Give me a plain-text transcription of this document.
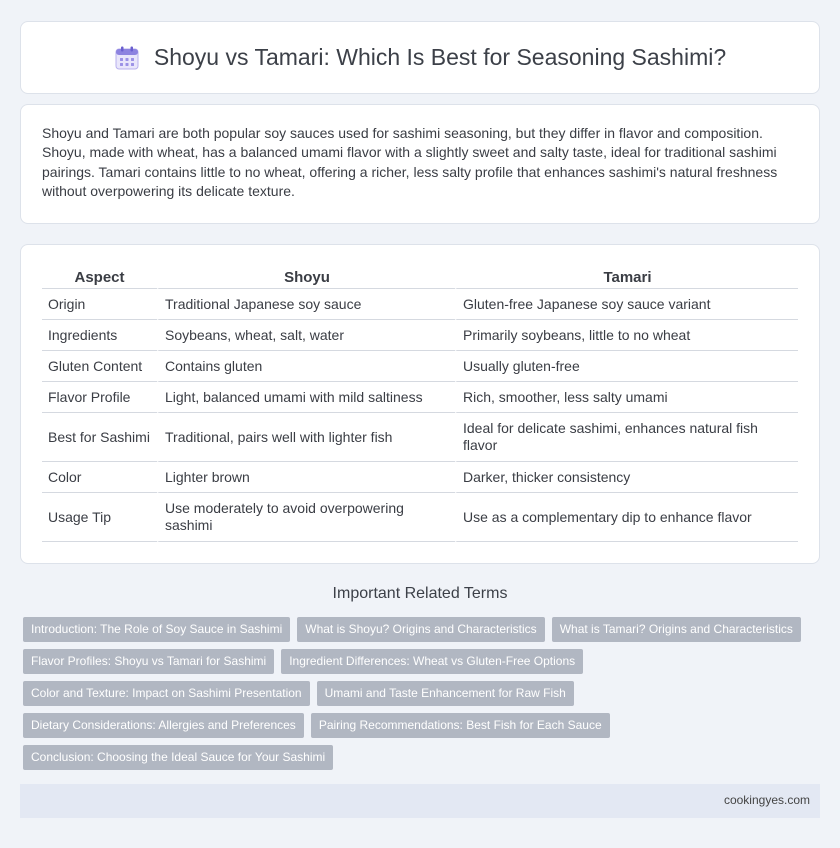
Shoyu vs Tamari: Which Is Best for Seasoning Sashimi?

Shoyu and Tamari are both popular soy sauces used for sashimi seasoning, but they differ in flavor and composition. Shoyu, made with wheat, has a balanced umami flavor with a slightly sweet and salty taste, ideal for traditional sashimi pairings. Tamari contains little to no wheat, offering a richer, less salty profile that enhances sashimi's natural freshness without overpowering its delicate texture.

Aspect	Shoyu	Tamari
Origin	Traditional Japanese soy sauce	Gluten-free Japanese soy sauce variant
Ingredients	Soybeans, wheat, salt, water	Primarily soybeans, little to no wheat
Gluten Content	Contains gluten	Usually gluten-free
Flavor Profile	Light, balanced umami with mild saltiness	Rich, smoother, less salty umami
Best for Sashimi	Traditional, pairs well with lighter fish	Ideal for delicate sashimi, enhances natural fish flavor
Color	Lighter brown	Darker, thicker consistency
Usage Tip	Use moderately to avoid overpowering sashimi	Use as a complementary dip to enhance flavor
Important Related Terms
Introduction: The Role of Soy Sauce in Sashimi	What is Shoyu? Origins and Characteristics	What is Tamari? Origins and Characteristics
Flavor Profiles: Shoyu vs Tamari for Sashimi	Ingredient Differences: Wheat vs Gluten-Free Options
Color and Texture: Impact on Sashimi Presentation	Umami and Taste Enhancement for Raw Fish
Dietary Considerations: Allergies and Preferences	Pairing Recommendations: Best Fish for Each Sauce
Conclusion: Choosing the Ideal Sauce for Your Sashimi
cookingyes.com
